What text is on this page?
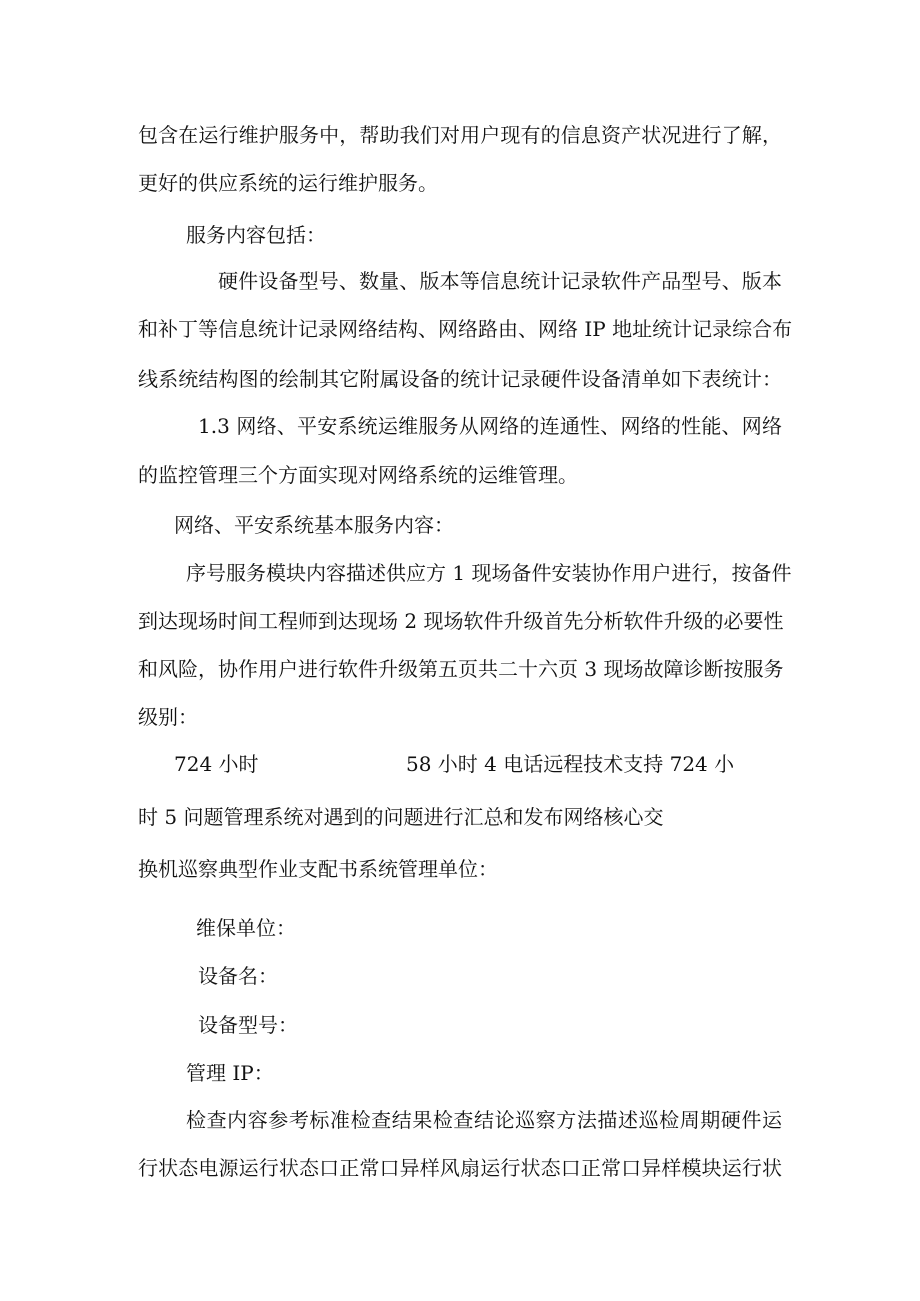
包含在运行维护服务中，帮助我们对用户现有的信息资产状况进行了解，
更好的供应系统的运行维护服务。
服务内容包括：
硬件设备型号、数量、版本等信息统计记录软件产品型号、版本
和补丁等信息统计记录网络结构、网络路由、网络 IP 地址统计记录综合布
线系统结构图的绘制其它附属设备的统计记录硬件设备清单如下表统计：
1.3 网络、平安系统运维服务从网络的连通性、网络的性能、网络
的监控管理三个方面实现对网络系统的运维管理。
网络、平安系统基本服务内容：
序号服务模块内容描述供应方 1 现场备件安装协作用户进行，按备件
到达现场时间工程师到达现场 2 现场软件升级首先分析软件升级的必要性
和风险，协作用户进行软件升级第五页共二十六页 3 现场故障诊断按服务
级别：
724 小时	58 小时 4 电话远程技术支持 724 小
时 5 问题管理系统对遇到的问题进行汇总和发布网络核心交
换机巡察典型作业支配书系统管理单位：
维保单位：
设备名：
设备型号：
管理 IP：
检查内容参考标准检查结果检查结论巡察方法描述巡检周期硬件运
行状态电源运行状态口正常口异样风扇运行状态口正常口异样模块运行状
